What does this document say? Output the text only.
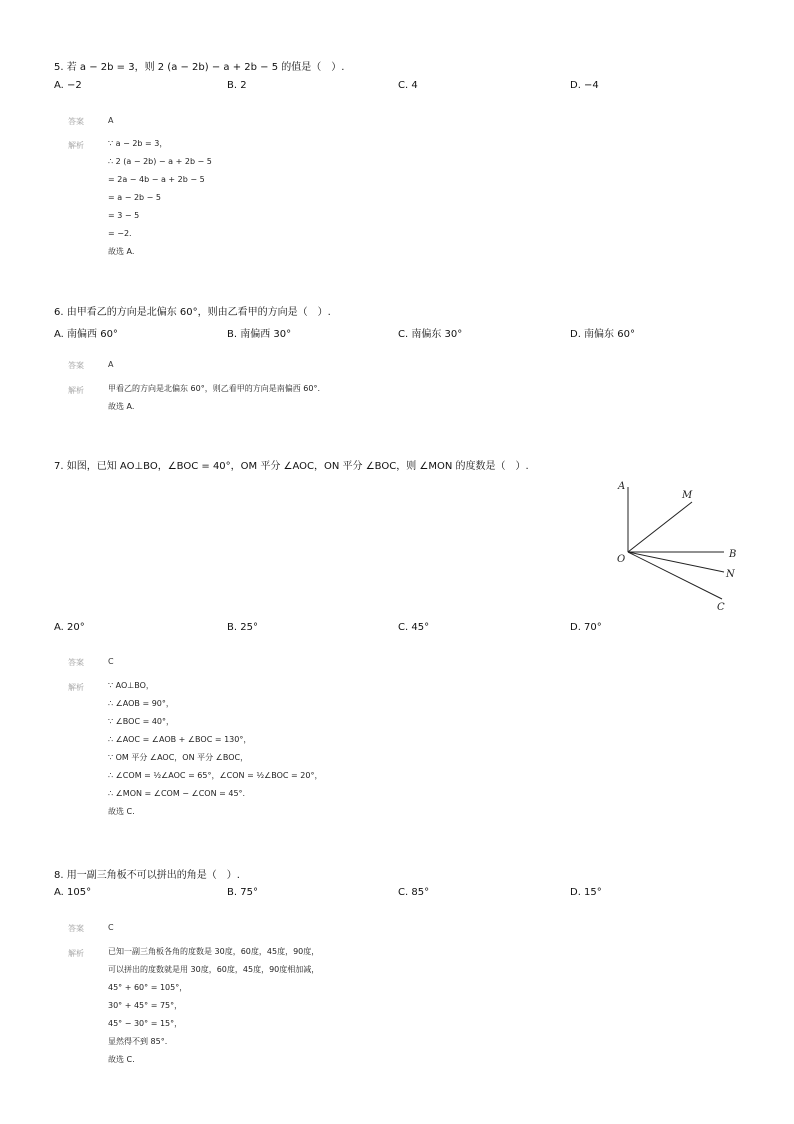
5. 若 a − 2b = 3，则 2 (a − 2b) − a + 2b − 5 的值是（　）.
A. −2	B. 2	C. 4	D. −4
答案	A
解析	∵ a − 2b = 3，
∴ 2 (a − 2b) − a + 2b − 5
= 2a − 4b − a + 2b − 5
= a − 2b − 5
= 3 − 5
= −2.
故选 A.
6. 由甲看乙的方向是北偏东 60°，则由乙看甲的方向是（　）.
A. 南偏西 60°	B. 南偏西 30°	C. 南偏东 30°	D. 南偏东 60°
答案	A
解析	甲看乙的方向是北偏东 60°，则乙看甲的方向是南偏西 60°.
故选 A.
7. 如图，已知 AO⊥BO，∠BOC = 40°，OM 平分 ∠AOC，ON 平分 ∠BOC，则 ∠MON 的度数是（　）.
A
M
B
O
N
C
A. 20°	B. 25°	C. 45°	D. 70°
答案	C
解析	∵ AO⊥BO，
∴ ∠AOB = 90°，
∵ ∠BOC = 40°，
∴ ∠AOC = ∠AOB + ∠BOC = 130°，
∵ OM 平分 ∠AOC，ON 平分 ∠BOC，
∴ ∠COM = ½∠AOC = 65°，∠CON = ½∠BOC = 20°，
∴ ∠MON = ∠COM − ∠CON = 45°.
故选 C.
8. 用一副三角板不可以拼出的角是（　）.
A. 105°	B. 75°	C. 85°	D. 15°
答案	C
解析	已知一副三角板各角的度数是 30度，60度，45度，90度，
可以拼出的度数就是用 30度，60度，45度，90度相加减，
45° + 60° = 105°，
30° + 45° = 75°，
45° − 30° = 15°，
显然得不到 85°.
故选 C.
